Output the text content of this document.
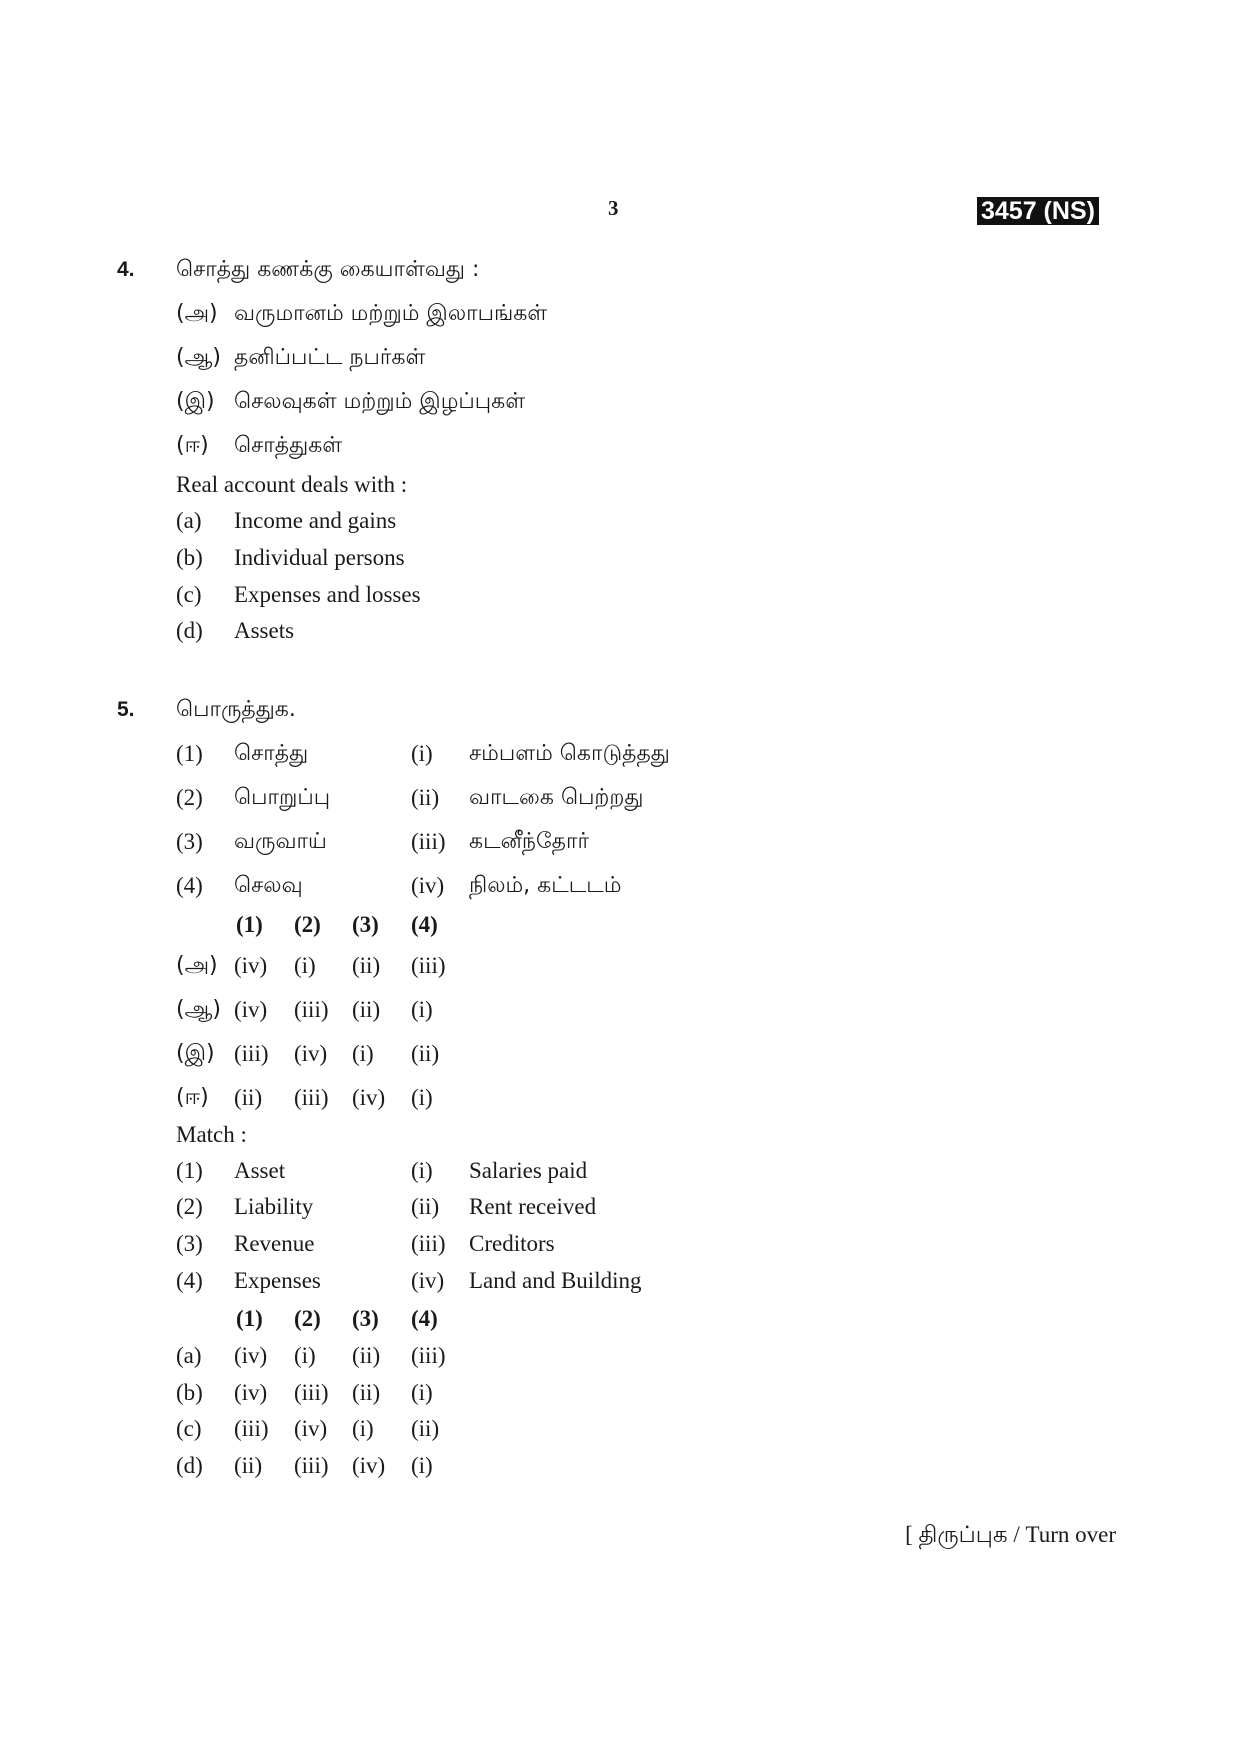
3	3457 (NS)
4. சொத்து கணக்கு கையாள்வது :
(அ) வருமானம் மற்றும் இலாபங்கள்
(ஆ) தனிப்பட்ட நபர்கள்
(இ) செலவுகள் மற்றும் இழப்புகள்
(ஈ) சொத்துகள்
Real account deals with :
(a) Income and gains
(b) Individual persons
(c) Expenses and losses
(d) Assets
5. பொருத்துக.
(1) சொத்து	(i) சம்பளம் கொடுத்தது
(2) பொறுப்பு	(ii) வாடகை பெற்றது
(3) வருவாய்	(iii) கடனீந்தோர்
(4) செலவு	(iv) நிலம், கட்டடம்
(1) (2) (3) (4)
(அ) (iv) (i) (ii) (iii)
(ஆ) (iv) (iii) (ii) (i)
(இ) (iii) (iv) (i) (ii)
(ஈ) (ii) (iii) (iv) (i)
Match :
(1) Asset	(i) Salaries paid
(2) Liability	(ii) Rent received
(3) Revenue	(iii) Creditors
(4) Expenses	(iv) Land and Building
(1) (2) (3) (4)
(a) (iv) (i) (ii) (iii)
(b) (iv) (iii) (ii) (i)
(c) (iii) (iv) (i) (ii)
(d) (ii) (iii) (iv) (i)
[ திருப்புக / Turn over
